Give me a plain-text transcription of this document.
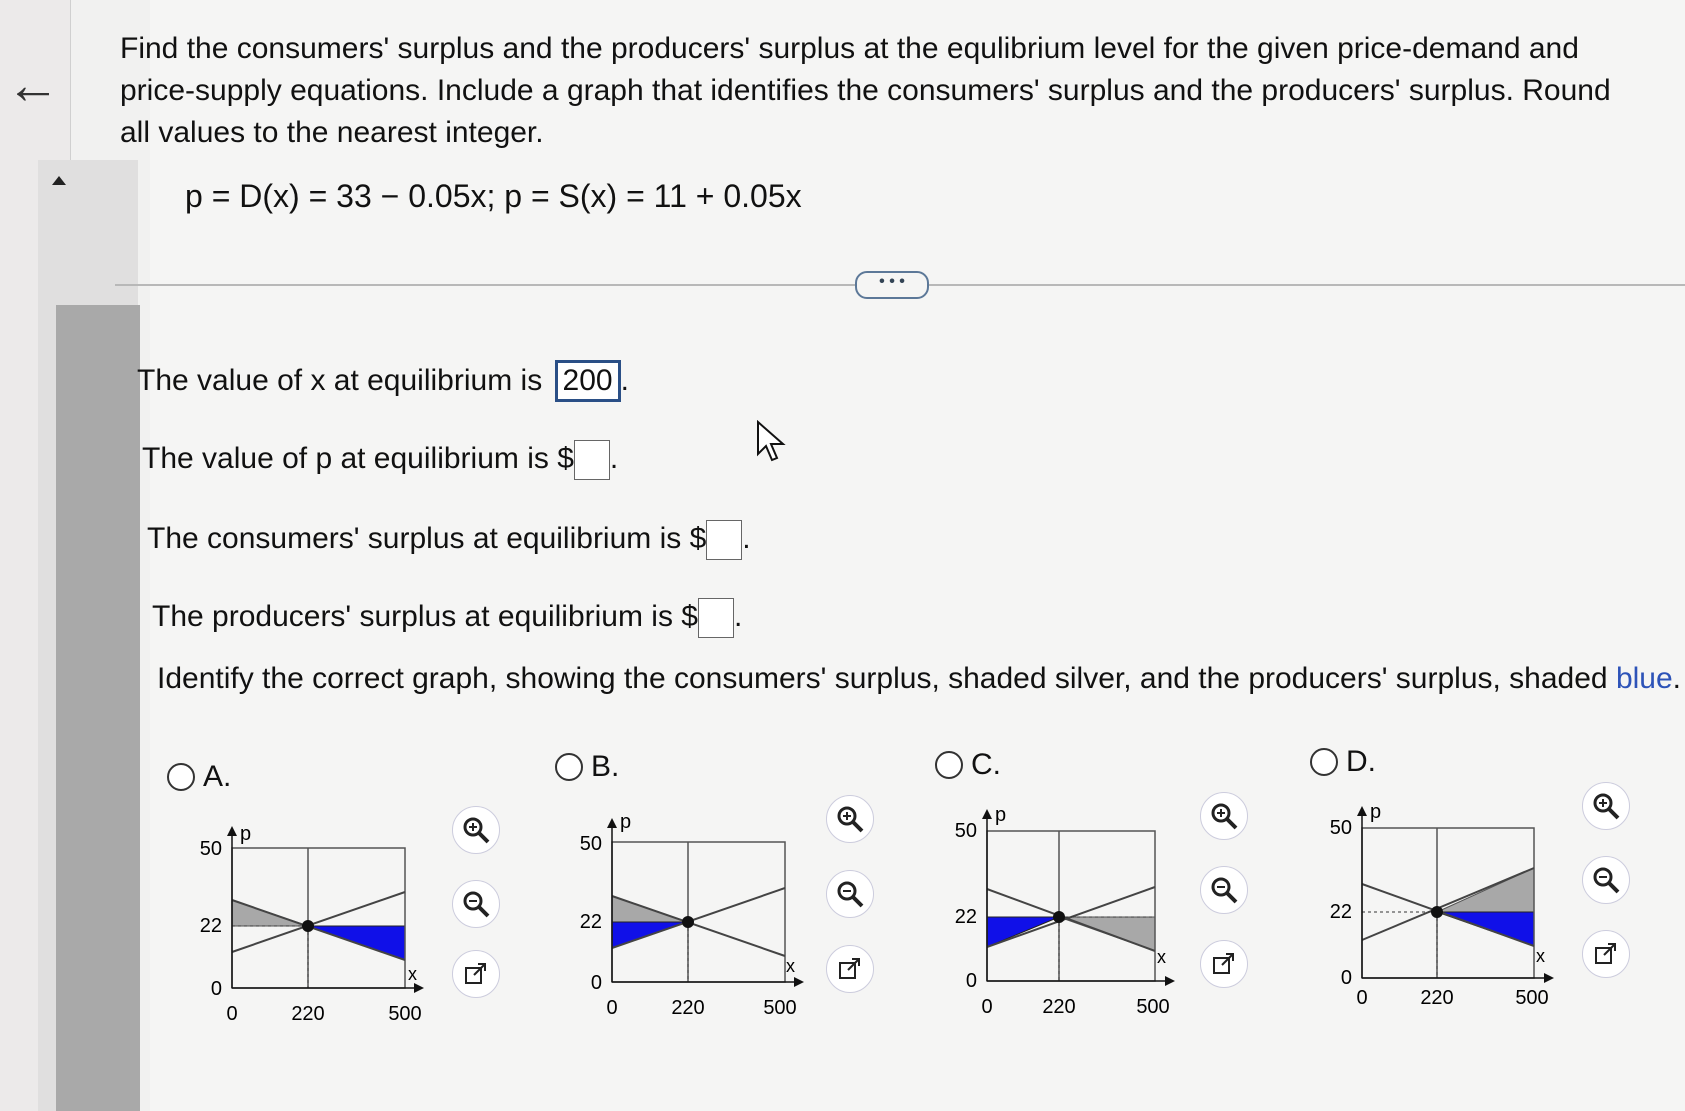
←
Find the consumers' surplus and the producers' surplus at the equlibrium level for the given price-demand and price-supply equations. Include a graph that identifies the consumers' surplus and the producers' surplus. Round all values to the nearest integer.
p = D(x) = 33 − 0.05x; p = S(x) = 11 + 0.05x
• • •
The value of x at equilibrium is 200 .
The value of p at equilibrium is $ .
The consumers' surplus at equilibrium is $ .
The producers' surplus at equilibrium is $ .
Identify the correct graph, showing the consumers' surplus, shaded silver, and the producers' surplus, shaded blue.
A.
p
x
50
22
0
0	220	500
B.
p
x
50
22
0
0	220	500
C.
p
x
50
22
0
0 220	500
D.
p
x
50
22
0
0	220	500
